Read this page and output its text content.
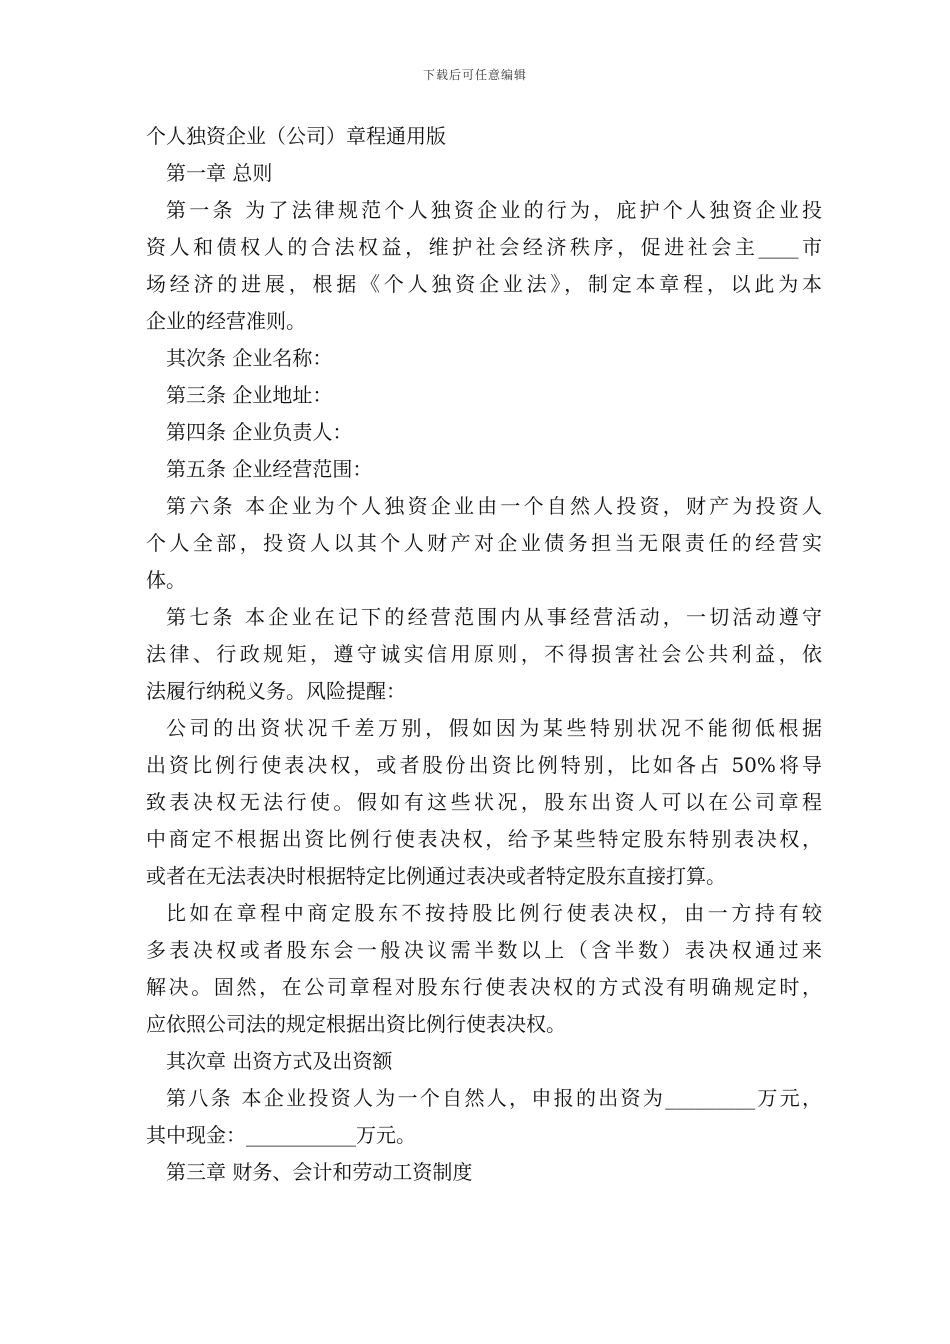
下载后可任意编辑
个人独资企业（公司）章程通用版
第一章 总则
第一条 为了法律规范个人独资企业的行为，庇护个人独资企业投
资人和债权人的合法权益，维护社会经济秩序，促进社会主____市
场经济的进展，根据《个人独资企业法》，制定本章程，以此为本
企业的经营准则。
其次条 企业名称：
第三条 企业地址：
第四条 企业负责人：
第五条 企业经营范围：
第六条 本企业为个人独资企业由一个自然人投资，财产为投资人
个人全部，投资人以其个人财产对企业债务担当无限责任的经营实
体。
第七条 本企业在记下的经营范围内从事经营活动，一切活动遵守
法律、行政规矩，遵守诚实信用原则，不得损害社会公共利益，依
法履行纳税义务。风险提醒：
公司的出资状况千差万别，假如因为某些特别状况不能彻低根据
出资比例行使表决权，或者股份出资比例特别，比如各占 50%将导
致表决权无法行使。假如有这些状况，股东出资人可以在公司章程
中商定不根据出资比例行使表决权，给予某些特定股东特别表决权，
或者在无法表决时根据特定比例通过表决或者特定股东直接打算。
比如在章程中商定股东不按持股比例行使表决权，由一方持有较
多表决权或者股东会一般决议需半数以上（含半数）表决权通过来
解决。固然，在公司章程对股东行使表决权的方式没有明确规定时，
应依照公司法的规定根据出资比例行使表决权。
其次章 出资方式及出资额
第八条 本企业投资人为一个自然人，申报的出资为_________万元，
其中现金：___________万元。
第三章 财务、会计和劳动工资制度
